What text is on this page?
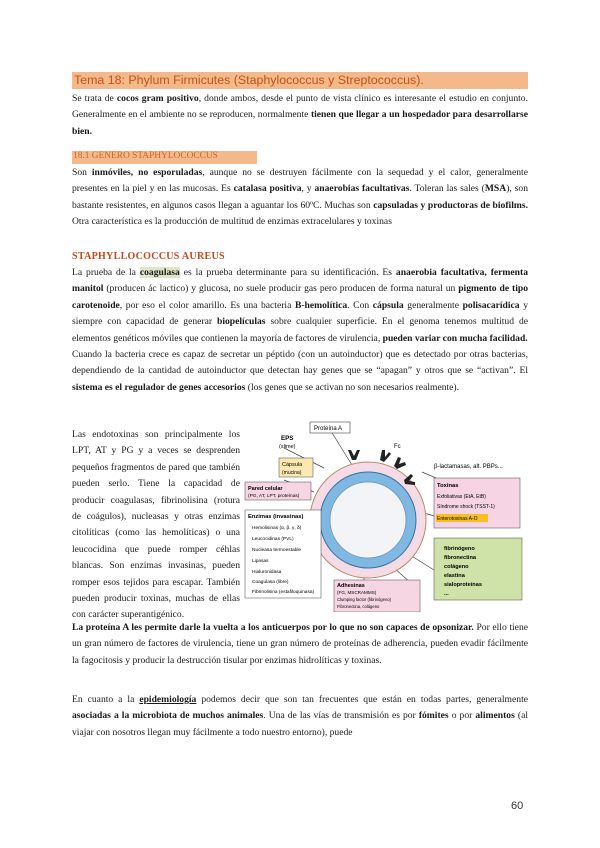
Tema 18: Phylum Firmicutes (Staphylococcus y Streptococcus).

Se trata de cocos gram positivo, donde ambos, desde el punto de vista clínico es interesante el estudio en conjunto. Generalmente en el ambiente no se reproducen, normalmente tienen que llegar a un hospedador para desarrollarse bien.

18.1 GENERO STAPHYLOCOCCUS

Son inmóviles, no esporuladas, aunque no se destruyen fácilmente con la sequedad y el calor, generalmente presentes en la piel y en las mucosas. Es catalasa positiva, y anaerobias facultativas. Toleran las sales (MSA), son bastante resistentes, en algunos casos llegan a aguantar los 60ºC. Muchas son capsuladas y productoras de biofilms. Otra característica es la producción de multitud de enzimas extracelulares y toxinas

STAPHYLLOCOCCUS AUREUS

La prueba de la coagulasa es la prueba determinante para su identificación. Es anaerobia facultativa, fermenta manitol (producen ác lactico) y glucosa, no suele producir gas pero producen de forma natural un pigmento de tipo carotenoide, por eso el color amarillo. Es una bacteria B-hemolítica. Con cápsula generalmente polisacarídica y siempre con capacidad de generar biopelículas sobre cualquier superficie. En el genoma tenemos multitud de elementos genéticos móviles que contienen la mayoría de factores de virulencia, pueden variar con mucha facilidad.

Cuando la bacteria crece es capaz de secretar un péptido (con un autoinductor) que es detectado por otras bacterias, dependiendo de la cantidad de autoinductor que detectan hay genes que se “apagan” y otros que se “activan”. El sistema es el regulador de genes accesorios (los genes que se activan no son necesarios realmente).

Las endotoxinas son principalmente los LPT, AT y PG y a veces se desprenden pequeños fragmentos de pared que también pueden serlo. Tiene la capacidad de producir coagulasas, fibrinolisina (rotura de coágulos), nucleasas y otras enzimas citolíticas (como las hemolíticas) o una leucocidina que puede romper céhlas blancas. Son enzimas invasinas, pueden romper esos tejidos para escapar. También pueden producir toxinas, muchas de ellas con carácter superantigénico.

Proteína A
EPS
(slime)	Fc
Cápsula
(mucina)
Pared celular
(PG, AT, LPT, proteínas)
β-lactamasas, alt. PBPs...
Toxinas
Exfoliativas (EtA, EtB)
Síndrome shock (TSST-1)
Enterotoxinas A-O
Enzimas (invasinas)
Hemolisinas (α, β, γ, δ)
Leucocidinas (PVL)
Nucleasa termoestable
Lipasas
Hialuronidasa
Coagulasa (libre)
Fibrinolisina (estafiloquinasa)
Adhesinas
(FG, MSCRAMMS)
Clumping factor (fibrinógeno)
Fibronectina, colágeno
fibrinógeno
fibronectina
colágeno
elastina
sialoproteínas
...

La proteína A les permite darle la vuelta a los anticuerpos por lo que no son capaces de opsonizar. Por ello tiene un gran número de factores de virulencia, tiene un gran número de proteínas de adherencia, pueden evadir fácilmente la fagocitosis y producir la destrucción tisular por enzimas hidrolíticas y toxinas.

En cuanto a la epidemiología podemos decir que son tan frecuentes que están en todas partes, generalmente asociadas a la microbiota de muchos animales. Una de las vías de transmisión es por fómites o por alimentos (al viajar con nosotros llegan muy fácilmente a todo nuestro entorno), puede

60
